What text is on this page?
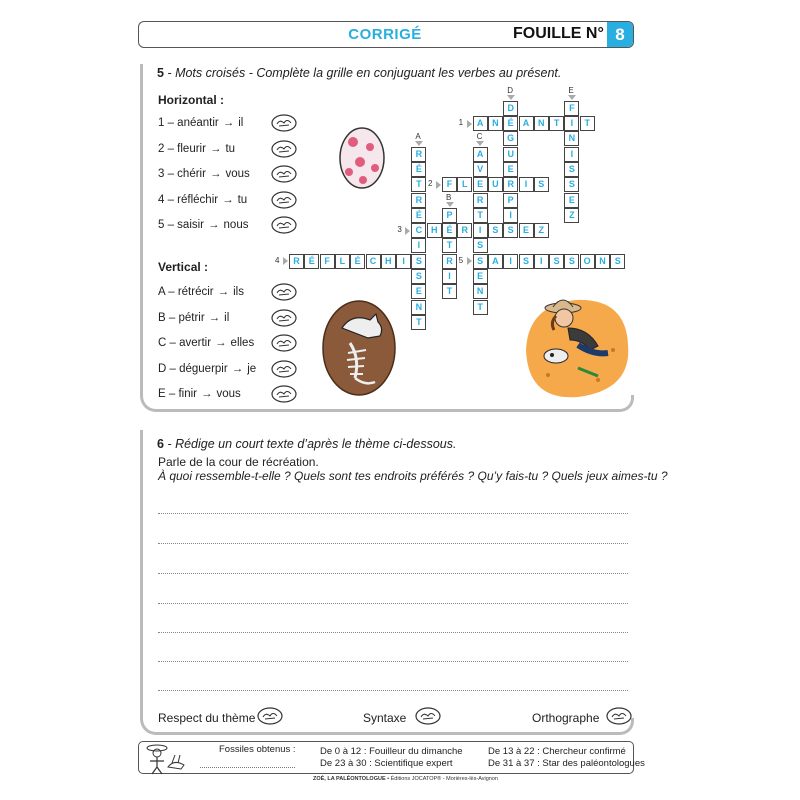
CORRIGÉ	FOUILLE N° 8
5 - Mots croisés - Complète la grille en conjuguant les verbes au présent.
Horizontal :
Vertical :
A N	É	A N	T	I	T
F	L	E	U R	I	S
C H	É	R	I	S	S	E	Z
R	É	F	L	É	C H	I	S	S	A	I	S	I	S	S O N	S
R
É
T
R
É
I
S
E
N
T
P
T
R
I
T
A
V
R
T
S
E
N
T
D
G
U
E
P
I
F
N
I
S
S
E
Z
1
2
3
4	5
A
B
C
D	E
6 - Rédige un court texte d’après le thème ci-dessous.
Parle de la cour de récréation.
À quoi ressemble-t-elle ? Quels sont tes endroits préférés ? Qu’y fais-tu ? Quels jeux aimes-tu ?
Respect du thème	Syntaxe	Orthographe
Fossiles obtenus :	De 0 à 12 : Fouilleur du dimanche	De 13 à 22 : Chercheur confirmé
De 23 à 30 : Scientifique expert	De 31 à 37 : Star des paléontologues
ZOÉ, LA PALÉONTOLOGUE • Éditions JOCATOP® - Morières-lès-Avignon
1 – anéantir → il
2 – fleurir → tu
3 – chérir → vous
4 – réfléchir → tu
5 – saisir → nous
A – rétrécir → ils
B – pétrir → il
C – avertir → elles
D – déguerpir → je
E – finir → vous
